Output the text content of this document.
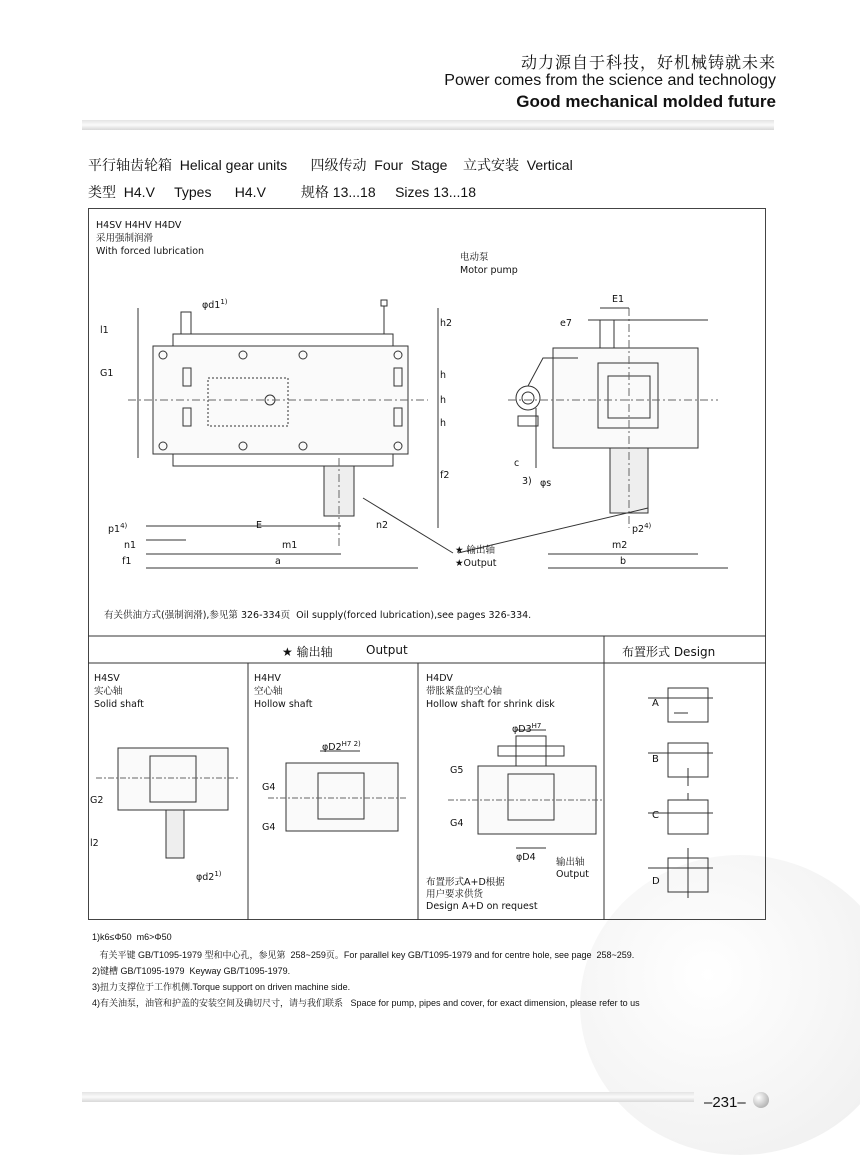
动力源自于科技，好机械铸就未来
Power comes from the science and technology
Good mechanical molded future
平行轴齿轮箱  Helical gear units      四级传动  Four  Stage    立式安装  Vertical
类型  H4.V     Types      H4.V         规格 13...18     Sizes 13...18
H4SV H4HV H4DV
采用强制润滑
With forced lubrication
电动泵
Motor pump
φd1$^{1)}$
l1
G1
h2
h
h
h
f2
p1$^{4)}$
n1
f1
E	n2
m1
a
★ 输出轴
★Output
E1
e7
c
3) φs
p2$^{4)}$
m2
b
有关供油方式(强制润滑),参见第 326-334页  Oil supply(forced lubrication),see pages 326-334.
★ 输出轴	Output	布置形式 Design
H4SV
实心轴
Solid shaft
G2
l2
φd2$^{1)}$
H4HV
空心轴
Hollow shaft
$\varphi D2^{H7 2)}$
G4
G4
H4DV
带胀紧盘的空心轴
Hollow shaft for shrink disk
$\varphi D3^{H7}$
G5
G4
φD4 输出轴
Output
布置形式A+D根据
用户要求供货
Design A+D on request
A
B
C
D
1)k6≤Φ50  m6>Φ50
有关平键 GB/T1095-1979 型和中心孔，参见第  258~259页。For parallel key GB/T1095-1979 and for centre hole, see page  258~259.
2)键槽 GB/T1095-1979  Keyway GB/T1095-1979.
3)扭力支撑位于工作机侧.Torque support on driven machine side.
4)有关油泵，油管和护盖的安装空间及确切尺寸，请与我们联系   Space for pump, pipes and cover, for exact dimension, please refer to us
–231–
